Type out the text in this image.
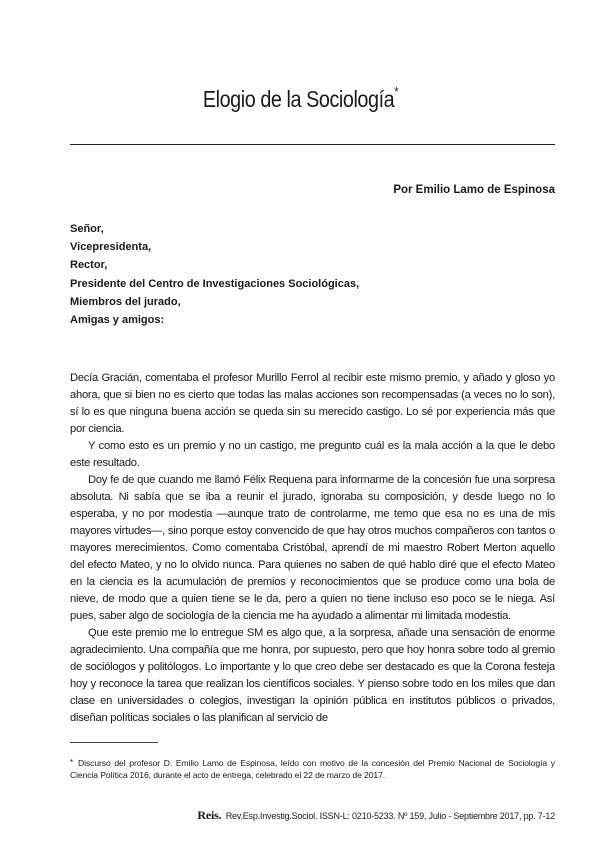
Elogio de la Sociología*
Por Emilio Lamo de Espinosa
Señor,
Vicepresidenta,
Rector,
Presidente del Centro de Investigaciones Sociológicas,
Miembros del jurado,
Amigas y amigos:

Decía Gracián, comentaba el profesor Murillo Ferrol al recibir este mismo premio, y añado y gloso yo ahora, que si bien no es cierto que todas las malas acciones son recompensadas (a veces no lo son), sí lo es que ninguna buena acción se queda sin su merecido castigo. Lo sé por experiencia más que por ciencia.

Y como esto es un premio y no un castigo, me pregunto cuál es la mala acción a la que le debo este resultado.

Doy fe de que cuando me llamó Félix Requena para informarme de la concesión fue una sorpresa absoluta. Ni sabía que se iba a reunir el jurado, ignoraba su composición, y desde luego no lo esperaba, y no por modestia —aunque trato de controlarme, me temo que esa no es una de mis mayores virtudes—, sino porque estoy convencido de que hay otros muchos compañeros con tantos o mayores merecimientos. Como comentaba Cristóbal, aprendí de mi maestro Robert Merton aquello del efecto Mateo, y no lo olvido nunca. Para quienes no saben de qué hablo diré que el efecto Mateo en la ciencia es la acumulación de premios y reconocimientos que se produce como una bola de nieve, de modo que a quien tiene se le da, pero a quien no tiene incluso eso poco se le niega. Así pues, saber algo de sociología de la ciencia me ha ayudado a alimentar mi limitada modestia.

Que este premio me lo entregue SM es algo que, a la sorpresa, añade una sensación de enorme agradecimiento. Una compañía que me honra, por supuesto, pero que hoy honra sobre todo al gremio de sociólogos y politólogos. Lo importante y lo que creo debe ser destacado es que la Corona festeja hoy y reconoce la tarea que realizan los científicos sociales. Y pienso sobre todo en los miles que dan clase en universidades o colegios, investigan la opinión pública en institutos públicos o privados, diseñan políticas sociales o las planifican al servicio de

* Discurso del profesor D. Emilio Lamo de Espinosa, leído con motivo de la concesión del Premio Nacional de Sociología y Ciencia Política 2016, durante el acto de entrega, celebrado el 22 de marzo de 2017.
Reis. Rev.Esp.Investig.Sociol. ISSN-L: 0210-5233. Nº 159, Julio - Septiembre 2017, pp. 7-12
